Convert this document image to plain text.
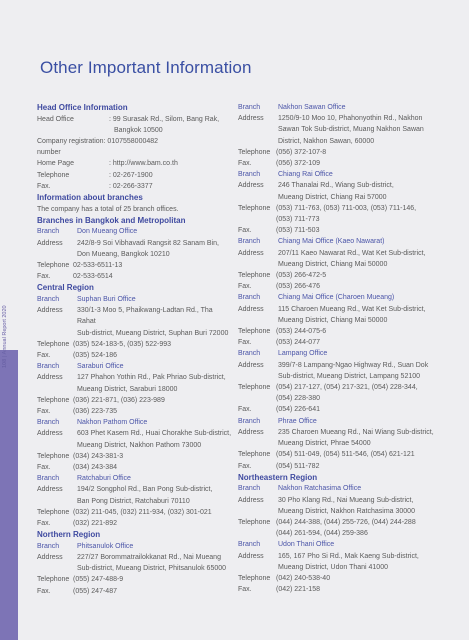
108 | Annual Report 2020
Other Important Information
Head Office Information
Head Office	: 99 Surasak Rd., Silom, Bang Rak,
Bangkok 10500
Company registration : 0107558000482
number
Home Page	: http://www.bam.co.th
Telephone	: 02-267-1900
Fax.	: 02-266-3377
Information about branches
The company has a total of 25 branch offices.
Branches in Bangkok and Metropolitan
Branch	Don Mueang Office
Address	242/8-9 Soi Vibhavadi Rangsit 82 Sanam Bin,
Don Mueang, Bangkok 10210
Telephone 02-533-6511-13
Fax.	02-533-6514
Central Region
Branch	Suphan Buri Office
Address	330/1-3 Moo 5, Phaikwang-Ladtan Rd., Tha Rahat
Sub-district, Mueang District, Suphan Buri 72000
Telephone (035) 524-183-5, (035) 522-993
Fax.	(035) 524-186
Branch	Saraburi Office
Address	127 Phahon Yothin Rd., Pak Phriao Sub-district,
Mueang District, Saraburi 18000
Telephone (036) 221-871, (036) 223-989
Fax.	(036) 223-735
Branch	Nakhon Pathom Office
Address	603 Phet Kasem Rd., Huai Chorakhe Sub-district,
Mueang District, Nakhon Pathom 73000
Telephone (034) 243-381-3
Fax.	(034) 243-384
Branch	Ratchaburi Office
Address	194/2 Songphol Rd., Ban Pong Sub-district,
Ban Pong District, Ratchaburi 70110
Telephone (032) 211-045, (032) 211-934, (032) 301-021
Fax.	(032) 221-892
Northern Region
Branch	Phitsanulok Office
Address	227/27 Borommatrailokkanat Rd., Nai Mueang
Sub-district, Mueang District, Phitsanulok 65000
Telephone (055) 247-488-9
Fax.	(055) 247-487
Branch	Nakhon Sawan Office
Address	1250/9-10 Moo 10, Phahonyothin Rd., Nakhon
Sawan Tok Sub-district, Muang Nakhon Sawan
District, Nakhon Sawan, 60000
Telephone (056) 372-107-8
Fax.	(056) 372-109
Branch	Chiang Rai Office
Address	246 Thanalai Rd., Wiang Sub-district,
Mueang District, Chiang Rai 57000
Telephone (053) 711-763, (053) 711-003, (053) 711-146,
(053) 711-773
Fax.	(053) 711-503
Branch	Chiang Mai Office (Kaeo Nawarat)
Address	207/11 Kaeo Nawarat Rd., Wat Ket Sub-district,
Mueang District, Chiang Mai 50000
Telephone (053) 266-472-5
Fax.	(053) 266-476
Branch	Chiang Mai Office (Charoen Mueang)
Address	115 Charoen Mueang Rd., Wat Ket Sub-district,
Mueang District, Chiang Mai 50000
Telephone (053) 244-075-6
Fax.	(053) 244-077
Branch	Lampang Office
Address	399/7-8 Lampang-Ngao Highway Rd., Suan Dok
Sub-district, Mueang District, Lampang 52100
Telephone (054) 217-127, (054) 217-321, (054) 228-344,
(054) 228-380
Fax.	(054) 226-641
Branch	Phrae Office
Address	235 Charoen Mueang Rd., Nai Wiang Sub-district,
Mueang District, Phrae 54000
Telephone (054) 511-049, (054) 511-546, (054) 621-121
Fax.	(054) 511-782
Northeastern Region
Branch	Nakhon Ratchasima Office
Address	30 Pho Klang Rd., Nai Mueang Sub-district,
Mueang District, Nakhon Ratchasima 30000
Telephone (044) 244-388, (044) 255-726, (044) 244-288
(044) 261-594, (044) 259-386
Branch	Udon Thani Office
Address	165, 167 Pho Si Rd., Mak Kaeng Sub-district,
Mueang District, Udon Thani 41000
Telephone (042) 240-538-40
Fax.	(042) 221-158
